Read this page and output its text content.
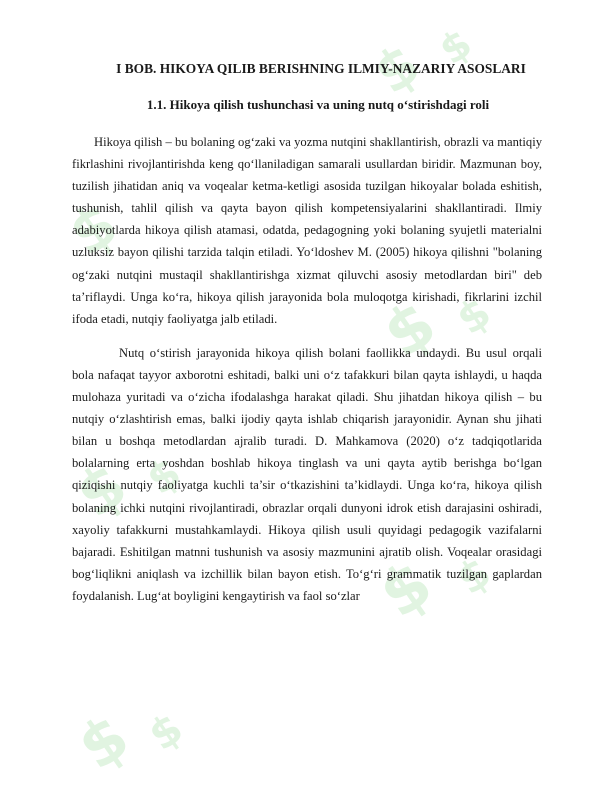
$ $
$
$
$
$
$
$ $
$
$
I BOB. HIKOYA QILIB BERISHNING ILMIY-NAZARIY ASOSLARI
1.1. Hikoya qilish tushunchasi va uning nutq o‘stirishdagi roli

Hikoya qilish – bu bolaning og‘zaki va yozma nutqini shakllantirish, obrazli va mantiqiy fikrlashini rivojlantirishda keng qo‘llaniladigan samarali usullardan biridir. Mazmunan boy, tuzilish jihatidan aniq va voqealar ketma-ketligi asosida tuzilgan hikoyalar bolada eshitish, tushunish, tahlil qilish va qayta bayon qilish kompetensiyalarini shakllantiradi. Ilmiy adabiyotlarda hikoya qilish atamasi, odatda, pedagogning yoki bolaning syujetli materialni uzluksiz bayon qilishi tarzida talqin etiladi. Yo‘ldoshev M. (2005) hikoya qilishni "bolaning og‘zaki nutqini mustaqil shakllantirishga xizmat qiluvchi asosiy metodlardan biri" deb ta’riflaydi. Unga ko‘ra, hikoya qilish jarayonida bola muloqotga kirishadi, fikrlarini izchil ifoda etadi, nutqiy faoliyatga jalb etiladi.

Nutq o‘stirish jarayonida hikoya qilish bolani faollikka undaydi. Bu usul orqali bola nafaqat tayyor axborotni eshitadi, balki uni o‘z tafakkuri bilan qayta ishlaydi, u haqda mulohaza yuritadi va o‘zicha ifodalashga harakat qiladi. Shu jihatdan hikoya qilish – bu nutqiy o‘zlashtirish emas, balki ijodiy qayta ishlab chiqarish jarayonidir. Aynan shu jihati bilan u boshqa metodlardan ajralib turadi. D. Mahkamova (2020) o‘z tadqiqotlarida bolalarning erta yoshdan boshlab hikoya tinglash va uni qayta aytib berishga bo‘lgan qiziqishi nutqiy faoliyatga kuchli ta’sir o‘tkazishini ta’kidlaydi. Unga ko‘ra, hikoya qilish bolaning ichki nutqini rivojlantiradi, obrazlar orqali dunyoni idrok etish darajasini oshiradi, xayoliy tafakkurni mustahkamlaydi. Hikoya qilish usuli quyidagi pedagogik vazifalarni bajaradi. Eshitilgan matnni tushunish va asosiy mazmunini ajratib olish. Voqealar orasidagi bog‘liqlikni aniqlash va izchillik bilan bayon etish. To‘g‘ri grammatik tuzilgan gaplardan foydalanish. Lug‘at boyligini kengaytirish va faol so‘zlar
